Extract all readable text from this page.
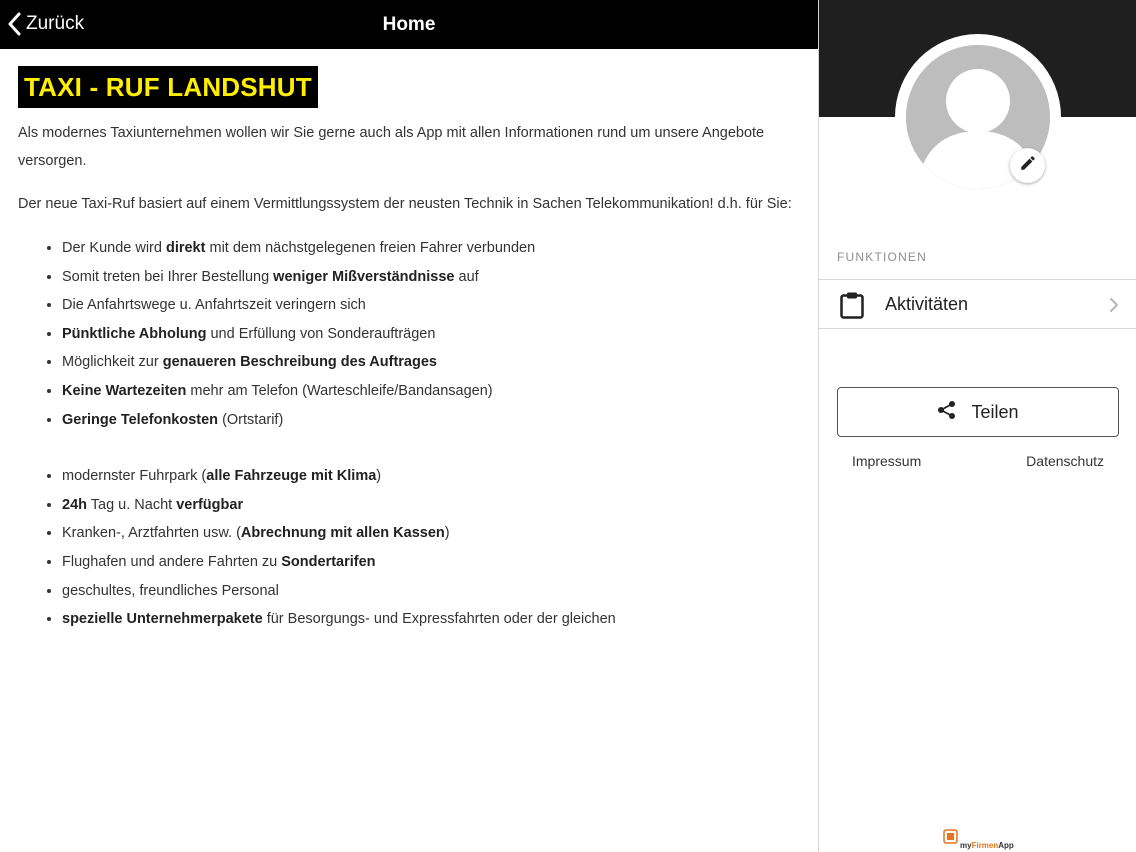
Zurück	Home
TAXI - RUF LANDSHUT

Als modernes Taxiunternehmen wollen wir Sie gerne auch als App mit allen Informationen rund um unsere Angebote versorgen.

Der neue Taxi-Ruf basiert auf einem Vermittlungssystem der neusten Technik in Sachen Telekommunikation! d.h. für Sie:

• Der Kunde wird direkt mit dem nächstgelegenen freien Fahrer verbunden
• Somit treten bei Ihrer Bestellung weniger Mißverständnisse auf
• Die Anfahrtswege u. Anfahrtszeit veringern sich
• Pünktliche Abholung und Erfüllung von Sonderaufträgen
• Möglichkeit zur genaueren Beschreibung des Auftrages
• Keine Wartezeiten mehr am Telefon (Warteschleife/Bandansagen)
• Geringe Telefonkosten (Ortstarif)
• modernster Fuhrpark (alle Fahrzeuge mit Klima)
• 24h Tag u. Nacht verfügbar
• Kranken-, Arztfahrten usw. (Abrechnung mit allen Kassen)
• Flughafen und andere Fahrten zu Sondertarifen
• geschultes, freundliches Personal
• spezielle Unternehmerpakete für Besorgungs- und Expressfahrten oder der gleichen
FUNKTIONEN
Aktivitäten
Teilen
Impressum	Datenschutz
myFirmenApp
